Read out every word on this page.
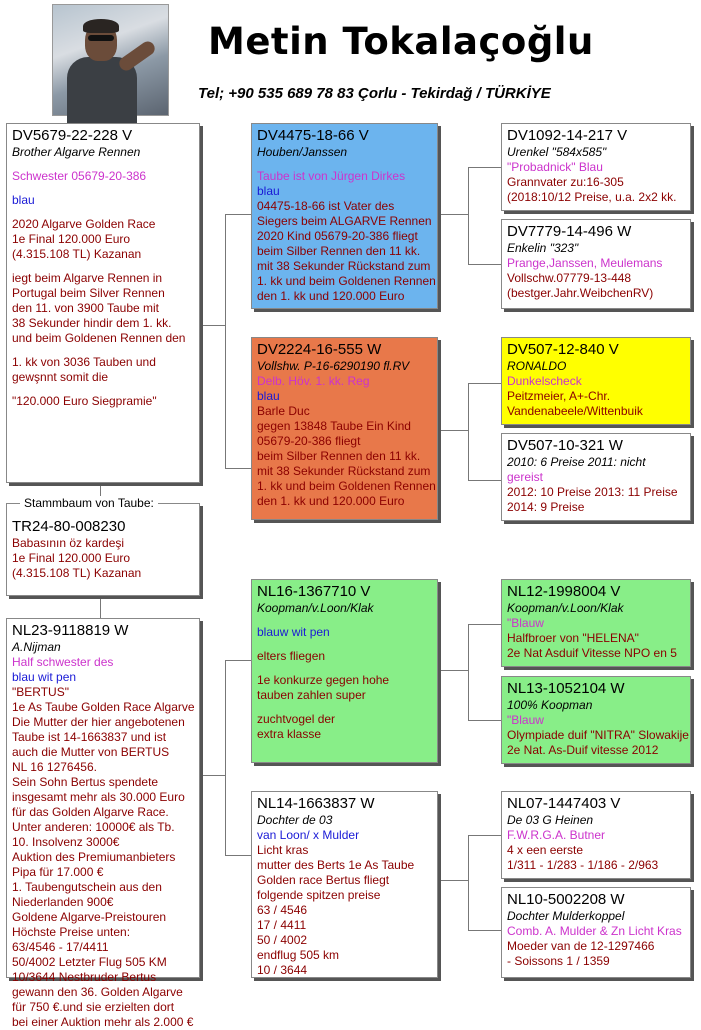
Metin Tokalaçoğlu
Tel; +90 535 689 78 83 Çorlu - Tekirdağ / TÜRKİYE
DV5679-22-228 V
Brother Algarve Rennen
Schwester 05679-20-386
blau
2020 Algarve Golden Race
1e Final 120.000 Euro
(4.315.108 TL) Kazanan
iegt beim Algarve Rennen in
Portugal beim Silver Rennen
den 11. von 3900 Taube mit
38 Sekunder hindir dem 1. kk.
und beim Goldenen Rennen den
1. kk von 3036 Tauben und
gewşnnt somit die
"120.000 Euro Siegpramie"
TR24-80-008230
Babasının öz kardeşi
1e Final 120.000 Euro
(4.315.108 TL) Kazanan
Stammbaum von Taube:
NL23-9118819 W
A.Nijman
Half schwester des
blau wit pen
"BERTUS"
1e As Taube Golden Race Algarve
Die Mutter der hier angebotenen
Taube ist 14-1663837 und ist
auch die Mutter von BERTUS
NL 16 1276456.
Sein Sohn Bertus spendete
insgesamt mehr als 30.000 Euro
für das Golden Algarve Race.
Unter anderen: 10000€ als Tb.
10. Insolvenz 3000€
Auktion des Premiumanbieters
Pipa für 17.000 €
1. Taubengutschein aus den
Niederlanden 900€
Goldene Algarve-Preistouren
Höchste Preise unten:
63/4546 - 17/4411
50/4002 Letzter Flug 505 KM
10/3644 Nestbruder Bertus
gewann den 36. Golden Algarve
für 750 €.und sie erzielten dort
bei einer Auktion mehr als 2.000 €
DV4475-18-66 V
Houben/Janssen
Taube ist von Jürgen Dirkes
blau
04475-18-66 ist Vater des
Siegers beim ALGARVE Rennen
2020 Kind 05679-20-386 fliegt
beim Silber Rennen den 11 kk.
mit 38 Sekunder Rückstand zum
1. kk und beim Goldenen Rennen
den 1. kk und 120.000 Euro
DV2224-16-555 W
Vollshw. P-16-6290190 fl.RV
Delb. Höv. 1. kk. Reg
blau
Barle Duc
gegen 13848 Taube Ein Kind
05679-20-386 fliegt
beim Silber Rennen den 11 kk.
mit 38 Sekunder Rückstand zum
1. kk und beim Goldenen Rennen
den 1. kk und 120.000 Euro
NL16-1367710 V
Koopman/v.Loon/Klak
blauw wit pen
elters fliegen
1e konkurze gegen hohe
tauben zahlen super
zuchtvogel der
extra klasse
NL14-1663837 W
Dochter de 03
van Loon/ x Mulder
Licht kras
mutter des Berts 1e As Taube
Golden race Bertus fliegt
folgende spitzen preise
63 / 4546
17 / 4411
50 / 4002
endflug 505 km
10 / 3644
DV1092-14-217 V
Urenkel "584x585"
"Probadnick" Blau
Grannvater zu:16-305
(2018:10/12 Preise, u.a. 2x2 kk.
DV7779-14-496 W
Enkelin "323"
Prange,Janssen, Meulemans
Vollschw.07779-13-448
(bestger.Jahr.WeibchenRV)
DV507-12-840 V
RONALDO
Dunkelscheck
Peitzmeier, A+-Chr.
Vandenabeele/Wittenbuik
DV507-10-321 W
2010: 6 Preise 2011: nicht
gereist
2012: 10 Preise 2013: 11 Preise
2014: 9 Preise
NL12-1998004 V
Koopman/v.Loon/Klak
"Blauw
Halfbroer von "HELENA"
2e Nat Asduif Vitesse NPO en 5
NL13-1052104 W
100% Koopman
"Blauw
Olympiade duif "NITRA" Slowakije
2e Nat. As-Duif vitesse 2012
NL07-1447403 V
De 03 G Heinen
F.W.R.G.A. Butner
4 x een eerste
1/311 - 1/283 - 1/186 - 2/963
NL10-5002208 W
Dochter Mulderkoppel
Comb. A. Mulder & Zn Licht Kras
Moeder van de 12-1297466
- Soissons 1 / 1359
